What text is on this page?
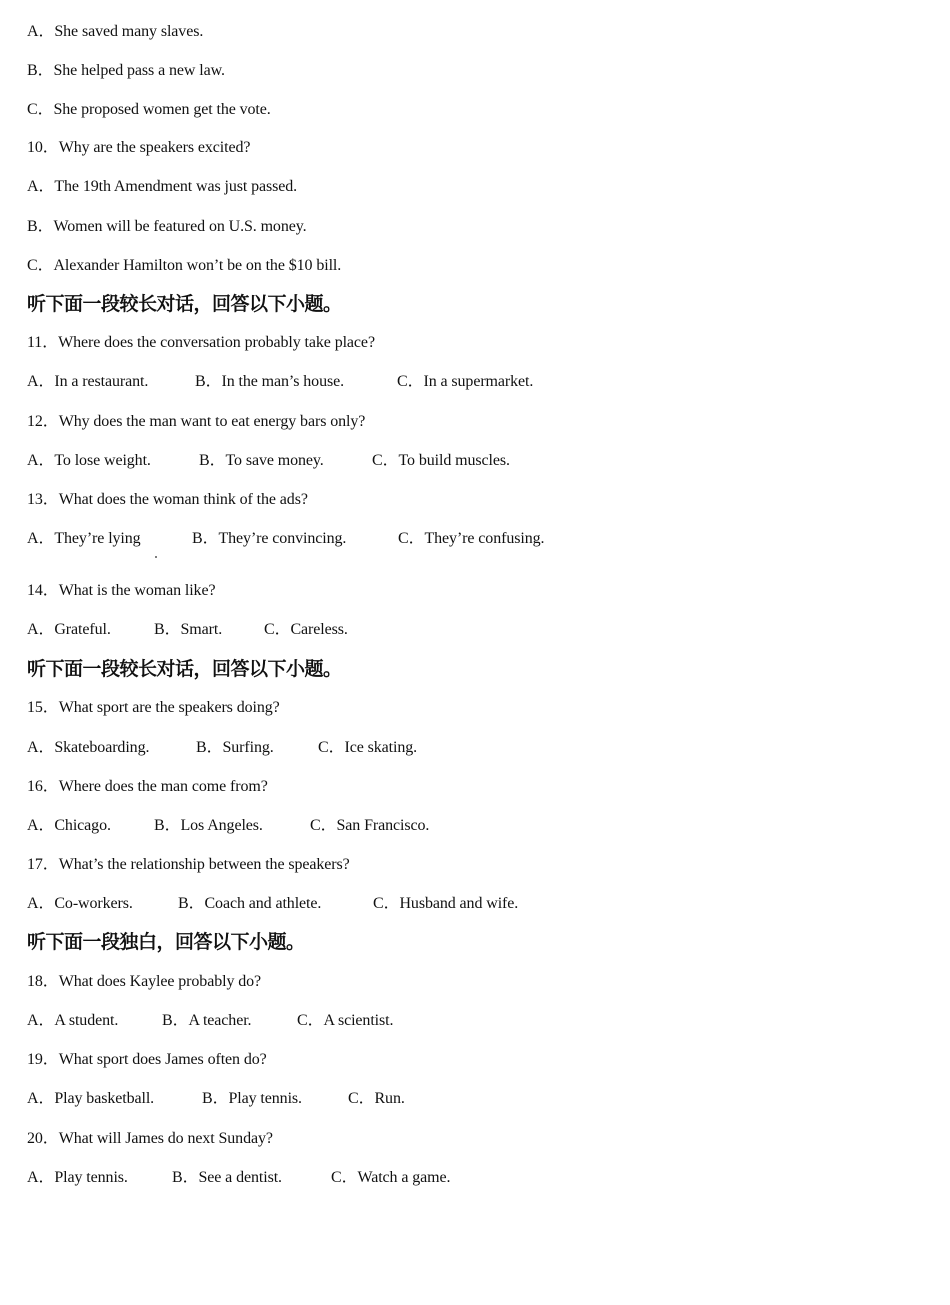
A．She saved many slaves.
B．She helped pass a new law.
C．She proposed women get the vote.
10．Why are the speakers excited?
A．The 19th Amendment was just passed.
B．Women will be featured on U.S. money.
C．Alexander Hamilton won’t be on the $10 bill.
听下面一段较长对话，回答以下小题。
11．Where does the conversation probably take place?
A．In a restaurant.	B．In the man’s house.	C．In a supermarket.
12．Why does the man want to eat energy bars only?
A．To lose weight.	B．To save money.	C．To build muscles.
13．What does the woman think of the ads?
A．They’re lying	B．They’re convincing.	C．They’re confusing.
14．What is the woman like?
A．Grateful.	B．Smart.	C．Careless.
听下面一段较长对话，回答以下小题。
15．What sport are the speakers doing?
A．Skateboarding.	B．Surfing.	C．Ice skating.
16．Where does the man come from?
A．Chicago.	B．Los Angeles.	C．San Francisco.
17．What’s the relationship between the speakers?
A．Co-workers.	B．Coach and athlete.	C．Husband and wife.
听下面一段独白，回答以下小题。
18．What does Kaylee probably do?
A．A student.	B．A teacher.	C．A scientist.
19．What sport does James often do?
A．Play basketball.	B．Play tennis.	C．Run.
20．What will James do next Sunday?
A．Play tennis.	B．See a dentist.	C．Watch a game.
